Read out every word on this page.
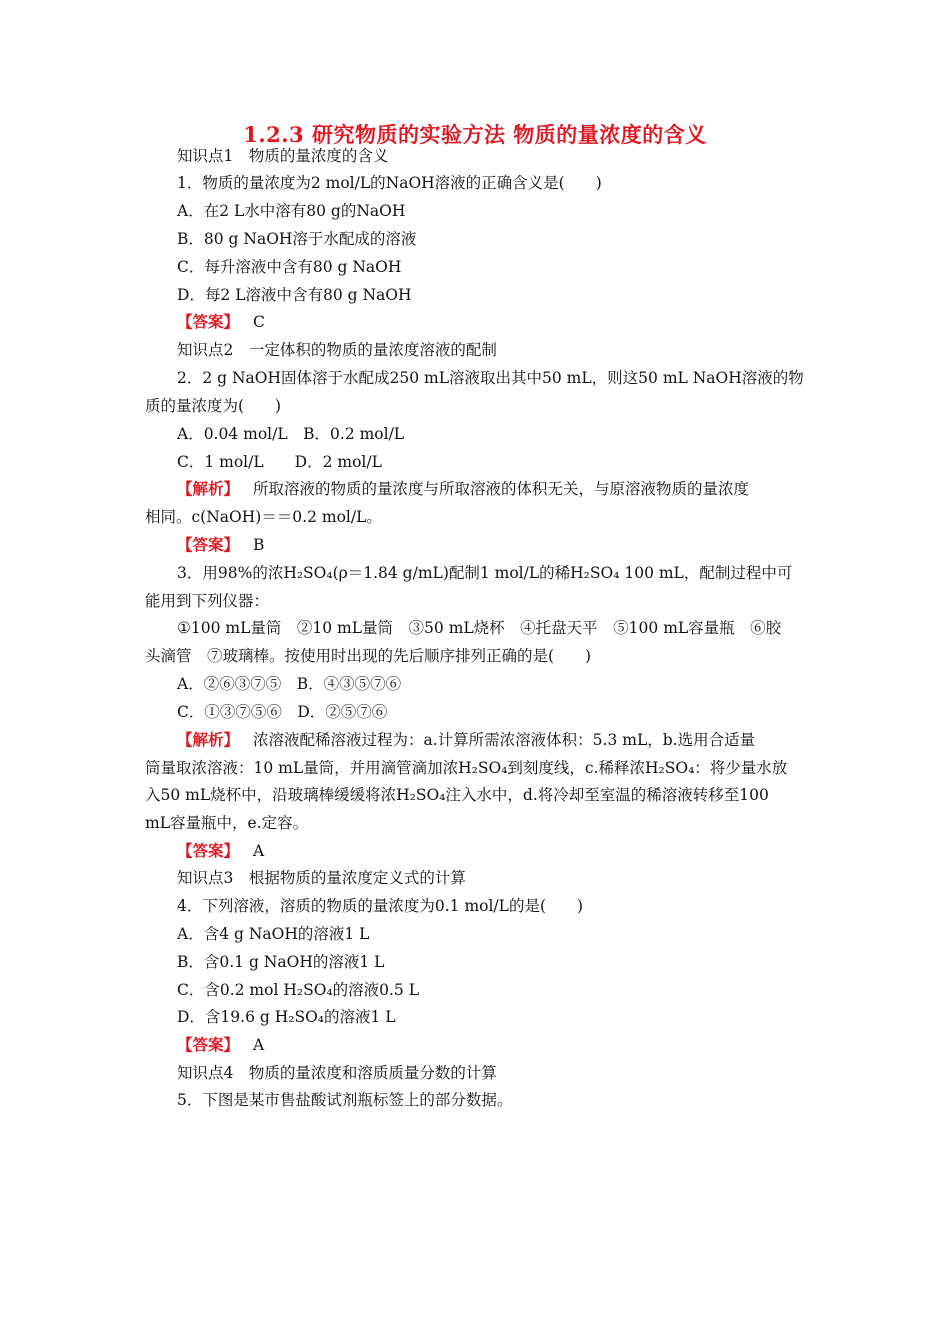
1.2.3 研究物质的实验方法 物质的量浓度的含义
知识点1　物质的量浓度的含义
1．物质的量浓度为2 mol/L的NaOH溶液的正确含义是(　　)
A．在2 L水中溶有80 g的NaOH
B．80 g NaOH溶于水配成的溶液
C．每升溶液中含有80 g NaOH
D．每2 L溶液中含有80 g NaOH
【答案】 C
知识点2　一定体积的物质的量浓度溶液的配制
2．2 g NaOH固体溶于水配成250 mL溶液取出其中50 mL，则这50 mL NaOH溶液的物
质的量浓度为(　　)
A．0.04 mol/L　B．0.2 mol/L
C．1 mol/L　　D．2 mol/L
【解析】 所取溶液的物质的量浓度与所取溶液的体积无关，与原溶液物质的量浓度
相同。c(NaOH)＝＝0.2 mol/L。
【答案】 B
3．用98%的浓H₂SO₄(ρ＝1.84 g/mL)配制1 mol/L的稀H₂SO₄ 100 mL，配制过程中可
能用到下列仪器：
①100 mL量筒　②10 mL量筒　③50 mL烧杯　④托盘天平　⑤100 mL容量瓶　⑥胶
头滴管　⑦玻璃棒。按使用时出现的先后顺序排列正确的是(　　)
A．②⑥③⑦⑤　B．④③⑤⑦⑥
C．①③⑦⑤⑥　D．②⑤⑦⑥
【解析】 浓溶液配稀溶液过程为：a.计算所需浓溶液体积：5.3 mL，b.选用合适量
筒量取浓溶液：10 mL量筒，并用滴管滴加浓H₂SO₄到刻度线，c.稀释浓H₂SO₄：将少量水放
入50 mL烧杯中，沿玻璃棒缓缓将浓H₂SO₄注入水中，d.将冷却至室温的稀溶液转移至100
mL容量瓶中，e.定容。
【答案】 A
知识点3　根据物质的量浓度定义式的计算
4．下列溶液，溶质的物质的量浓度为0.1 mol/L的是(　　)
A．含4 g NaOH的溶液1 L
B．含0.1 g NaOH的溶液1 L
C．含0.2 mol H₂SO₄的溶液0.5 L
D．含19.6 g H₂SO₄的溶液1 L
【答案】 A
知识点4　物质的量浓度和溶质质量分数的计算
5．下图是某市售盐酸试剂瓶标签上的部分数据。
